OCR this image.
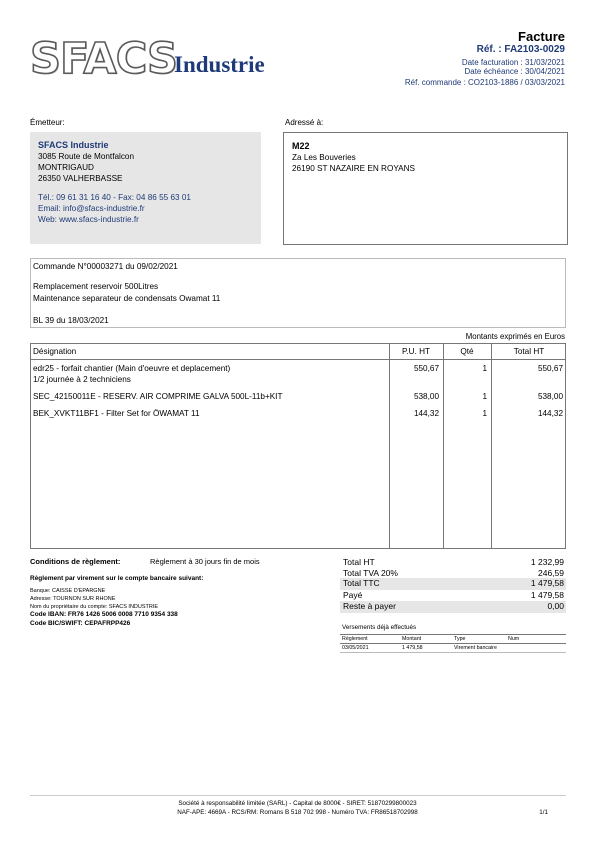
SFACS
Industrie
Facture
Réf. : FA2103-0029
Date facturation : 31/03/2021
Date échéance : 30/04/2021
Réf. commande : CO2103-1886 / 03/03/2021
Émetteur:	Adressé à:
SFACS Industrie
3085 Route de Montfalcon
MONTRIGAUD
26350 VALHERBASSE
Tél.: 09 61 31 16 40 - Fax: 04 86 55 63 01
Email: info@sfacs-industrie.fr
Web: www.sfacs-industrie.fr
M22
Za Les Bouveries
26190 ST NAZAIRE EN ROYANS
Commande N°00003271 du 09/02/2021
Remplacement reservoir 500Litres
Maintenance separateur de condensats Owamat 11
BL 39 du 18/03/2021
Montants exprimés en Euros
Désignation	P.U. HT	Qté	Total HT
edr25 - forfait chantier (Main d'oeuvre et deplacement)
1/2 journée à 2 techniciens
550,67	1	550,67
SEC_42150011E - RESERV. AIR COMPRIME GALVA 500L-11b+KIT	538,00	1	538,00
BEK_XVKT11BF1 - Filter Set for ÖWAMAT 11	144,32	1	144,32
Conditions de règlement:	Règlement à 30 jours fin de mois
Règlement par virement sur le compte bancaire suivant:
Banque: CAISSE D'EPARGNE
Adresse: TOURNON SUR RHONE
Nom du propriétaire du compte: SFACS INDUSTRIE
Code IBAN: FR76 1426 5006 0008 7710 9354 338
Code BIC/SWIFT: CEPAFRPP426
Total HT	1 232,99
Total TVA 20%	246,59
Total TTC	1 479,58
Payé	1 479,58
Reste à payer	0,00
Versements déjà effectués
Règlement	Montant	Type	Num
03/05/2021	1 479,58	Virement bancaire
Société à responsabilité limitée (SARL) - Capital de 8000€ - SIRET: 51870299800023
NAF-APE: 4669A - RCS/RM: Romans B 518 702 998 - Numéro TVA: FR86518702998	1/1
